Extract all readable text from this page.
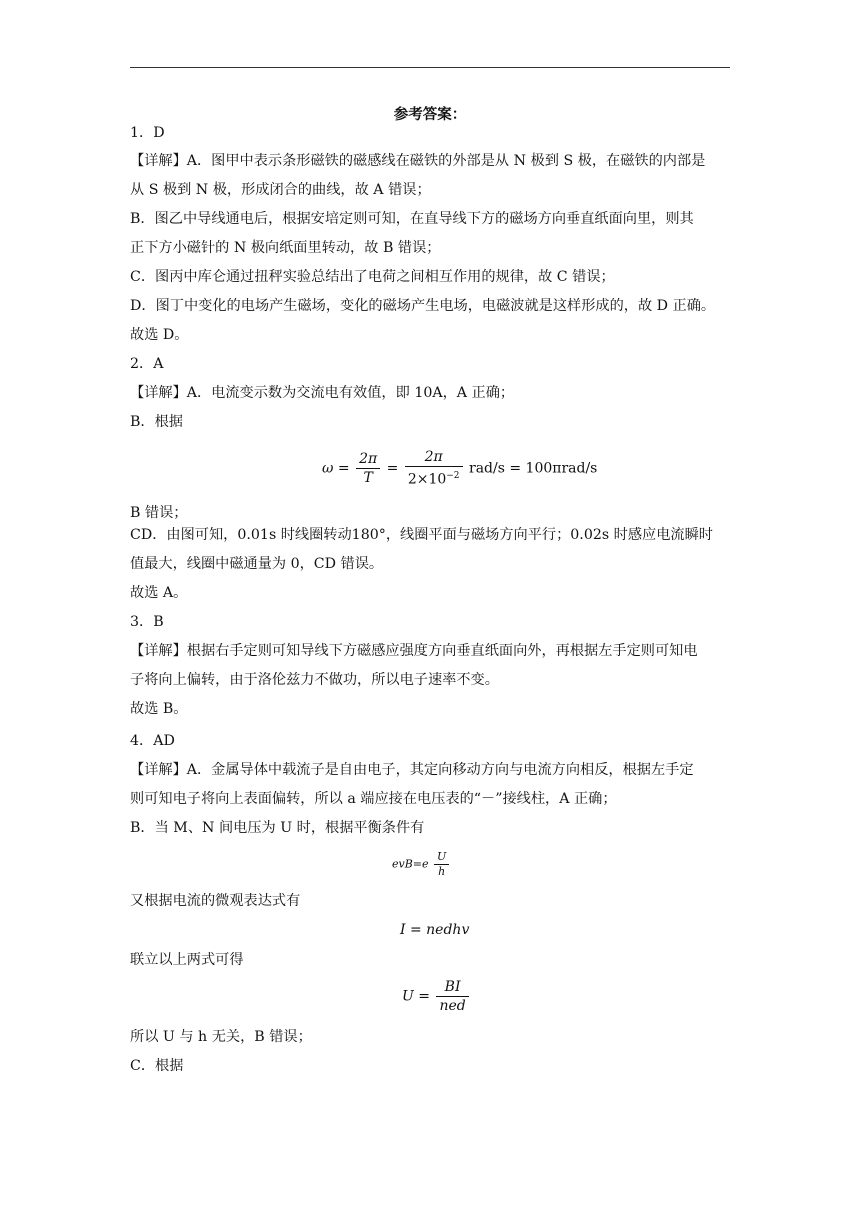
参考答案：
1．D
【详解】A．图甲中表示条形磁铁的磁感线在磁铁的外部是从 N 极到 S 极，在磁铁的内部是
从 S 极到 N 极，形成闭合的曲线，故 A 错误；
B．图乙中导线通电后，根据安培定则可知，在直导线下方的磁场方向垂直纸面向里，则其
正下方小磁针的 N 极向纸面里转动，故 B 错误；
C．图丙中库仑通过扭秤实验总结出了电荷之间相互作用的规律，故 C 错误；
D．图丁中变化的电场产生磁场，变化的磁场产生电场，电磁波就是这样形成的，故 D 正确。
故选 D。
2．A
【详解】A．电流变示数为交流电有效值，即 10A，A 正确；
B．根据
$\omega = \frac{2\pi}{T} = \frac{2\pi}{2\times 10^{-2}} rad/s = 100\pi rad/s$
B 错误；
CD．由图可知，0.01s 时线圈转动180°，线圈平面与磁场方向平行；0.02s 时感应电流瞬时
值最大，线圈中磁通量为 0，CD 错误。
故选 A。
3．B
【详解】根据右手定则可知导线下方磁感应强度方向垂直纸面向外，再根据左手定则可知电
子将向上偏转，由于洛伦兹力不做功，所以电子速率不变。
故选 B。
4．AD
【详解】A．金属导体中载流子是自由电子，其定向移动方向与电流方向相反，根据左手定
则可知电子将向上表面偏转，所以 a 端应接在电压表的“－”接线柱，A 正确；
B．当 M、N 间电压为 U 时，根据平衡条件有
$evB=e \frac{U}{h}$
又根据电流的微观表达式有
I = nedhv
联立以上两式可得
$U = \frac{BI}{\text{ned}}$
所以 U 与 h 无关，B 错误；
C．根据
